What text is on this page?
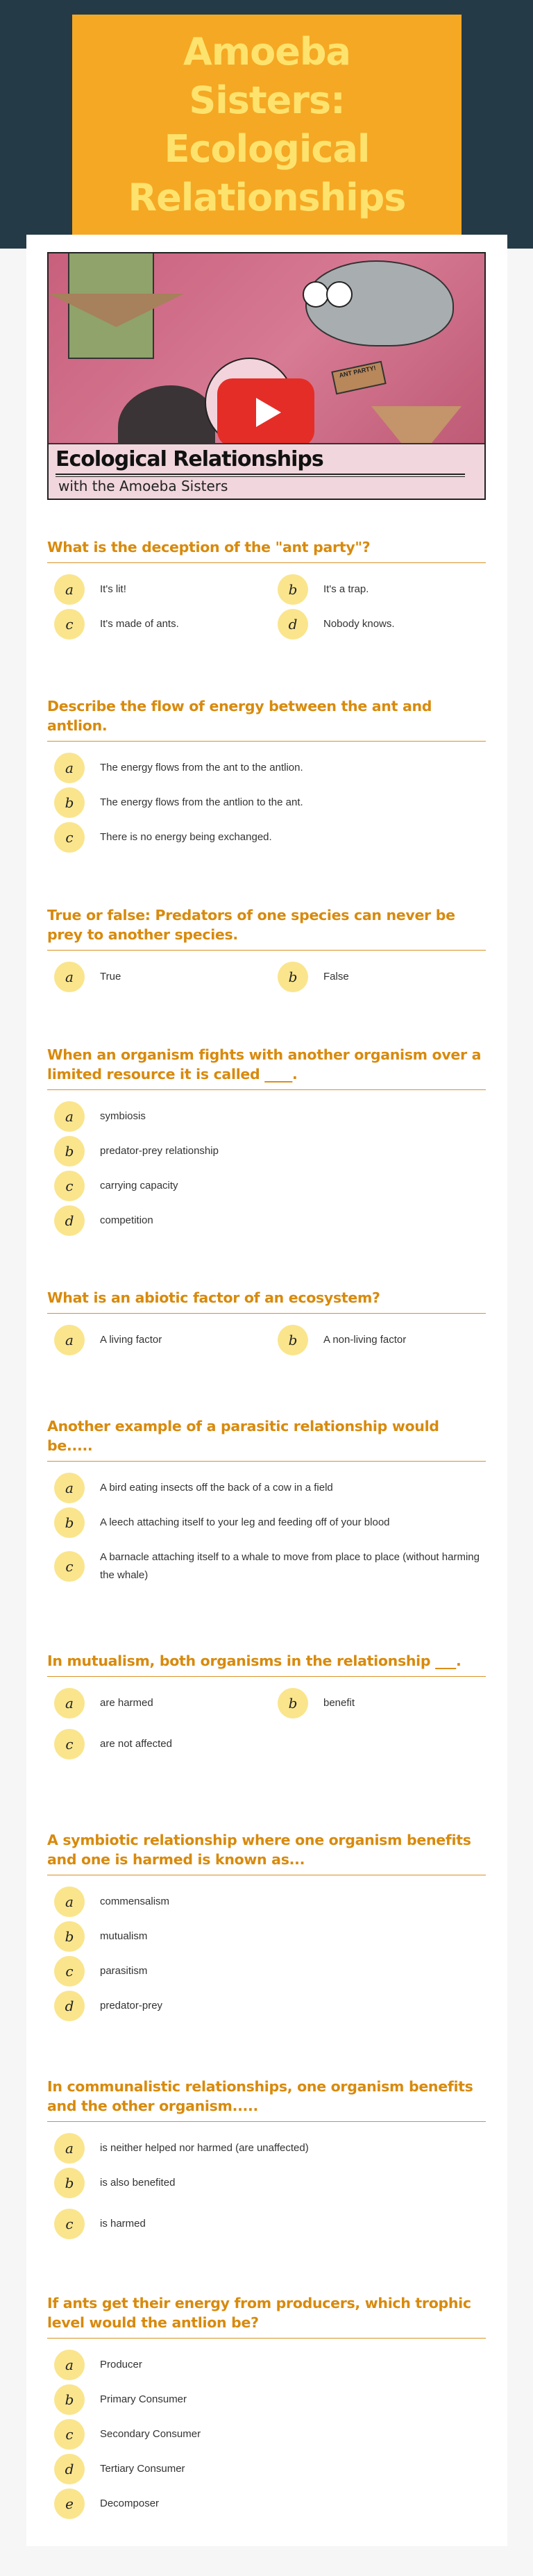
Amoeba Sisters: Ecological Relationships
ANT PARTY!
Ecological Relationships
with the Amoeba Sisters
What is the deception of the "ant party"?
a	It's lit!	b	It's a trap.
c	It's made of ants.	d	Nobody knows.
Describe the flow of energy between the ant and antlion.
a	The energy flows from the ant to the antlion.
b	The energy flows from the antlion to the ant.
c	There is no energy being exchanged.
True or false: Predators of one species can never be prey to another species.
a	True	b	False
When an organism fights with another organism over a limited resource it is called ____.
a	symbiosis
b	predator-prey relationship
c	carrying capacity
d	competition
What is an abiotic factor of an ecosystem?
a	A living factor	b	A non-living factor
Another example of a parasitic relationship would be.....
a	A bird eating insects off the back of a cow in a field
b	A leech attaching itself to your leg and feeding off of your blood
c
A barnacle attaching itself to a whale to move from place to place (without harming the whale)
In mutualism, both organisms in the relationship ___.
a	are harmed	b	benefit
c	are not affected
A symbiotic relationship where one organism benefits and one is harmed is known as...
a	commensalism
b	mutualism
c	parasitism
d	predator-prey
In communalistic relationships, one organism benefits and the other organism.....
a	is neither helped nor harmed (are unaffected)
b	is also benefited
c	is harmed
If ants get their energy from producers, which trophic level would the antlion be?
a	Producer
b	Primary Consumer
c	Secondary Consumer
d	Tertiary Consumer
e	Decomposer
